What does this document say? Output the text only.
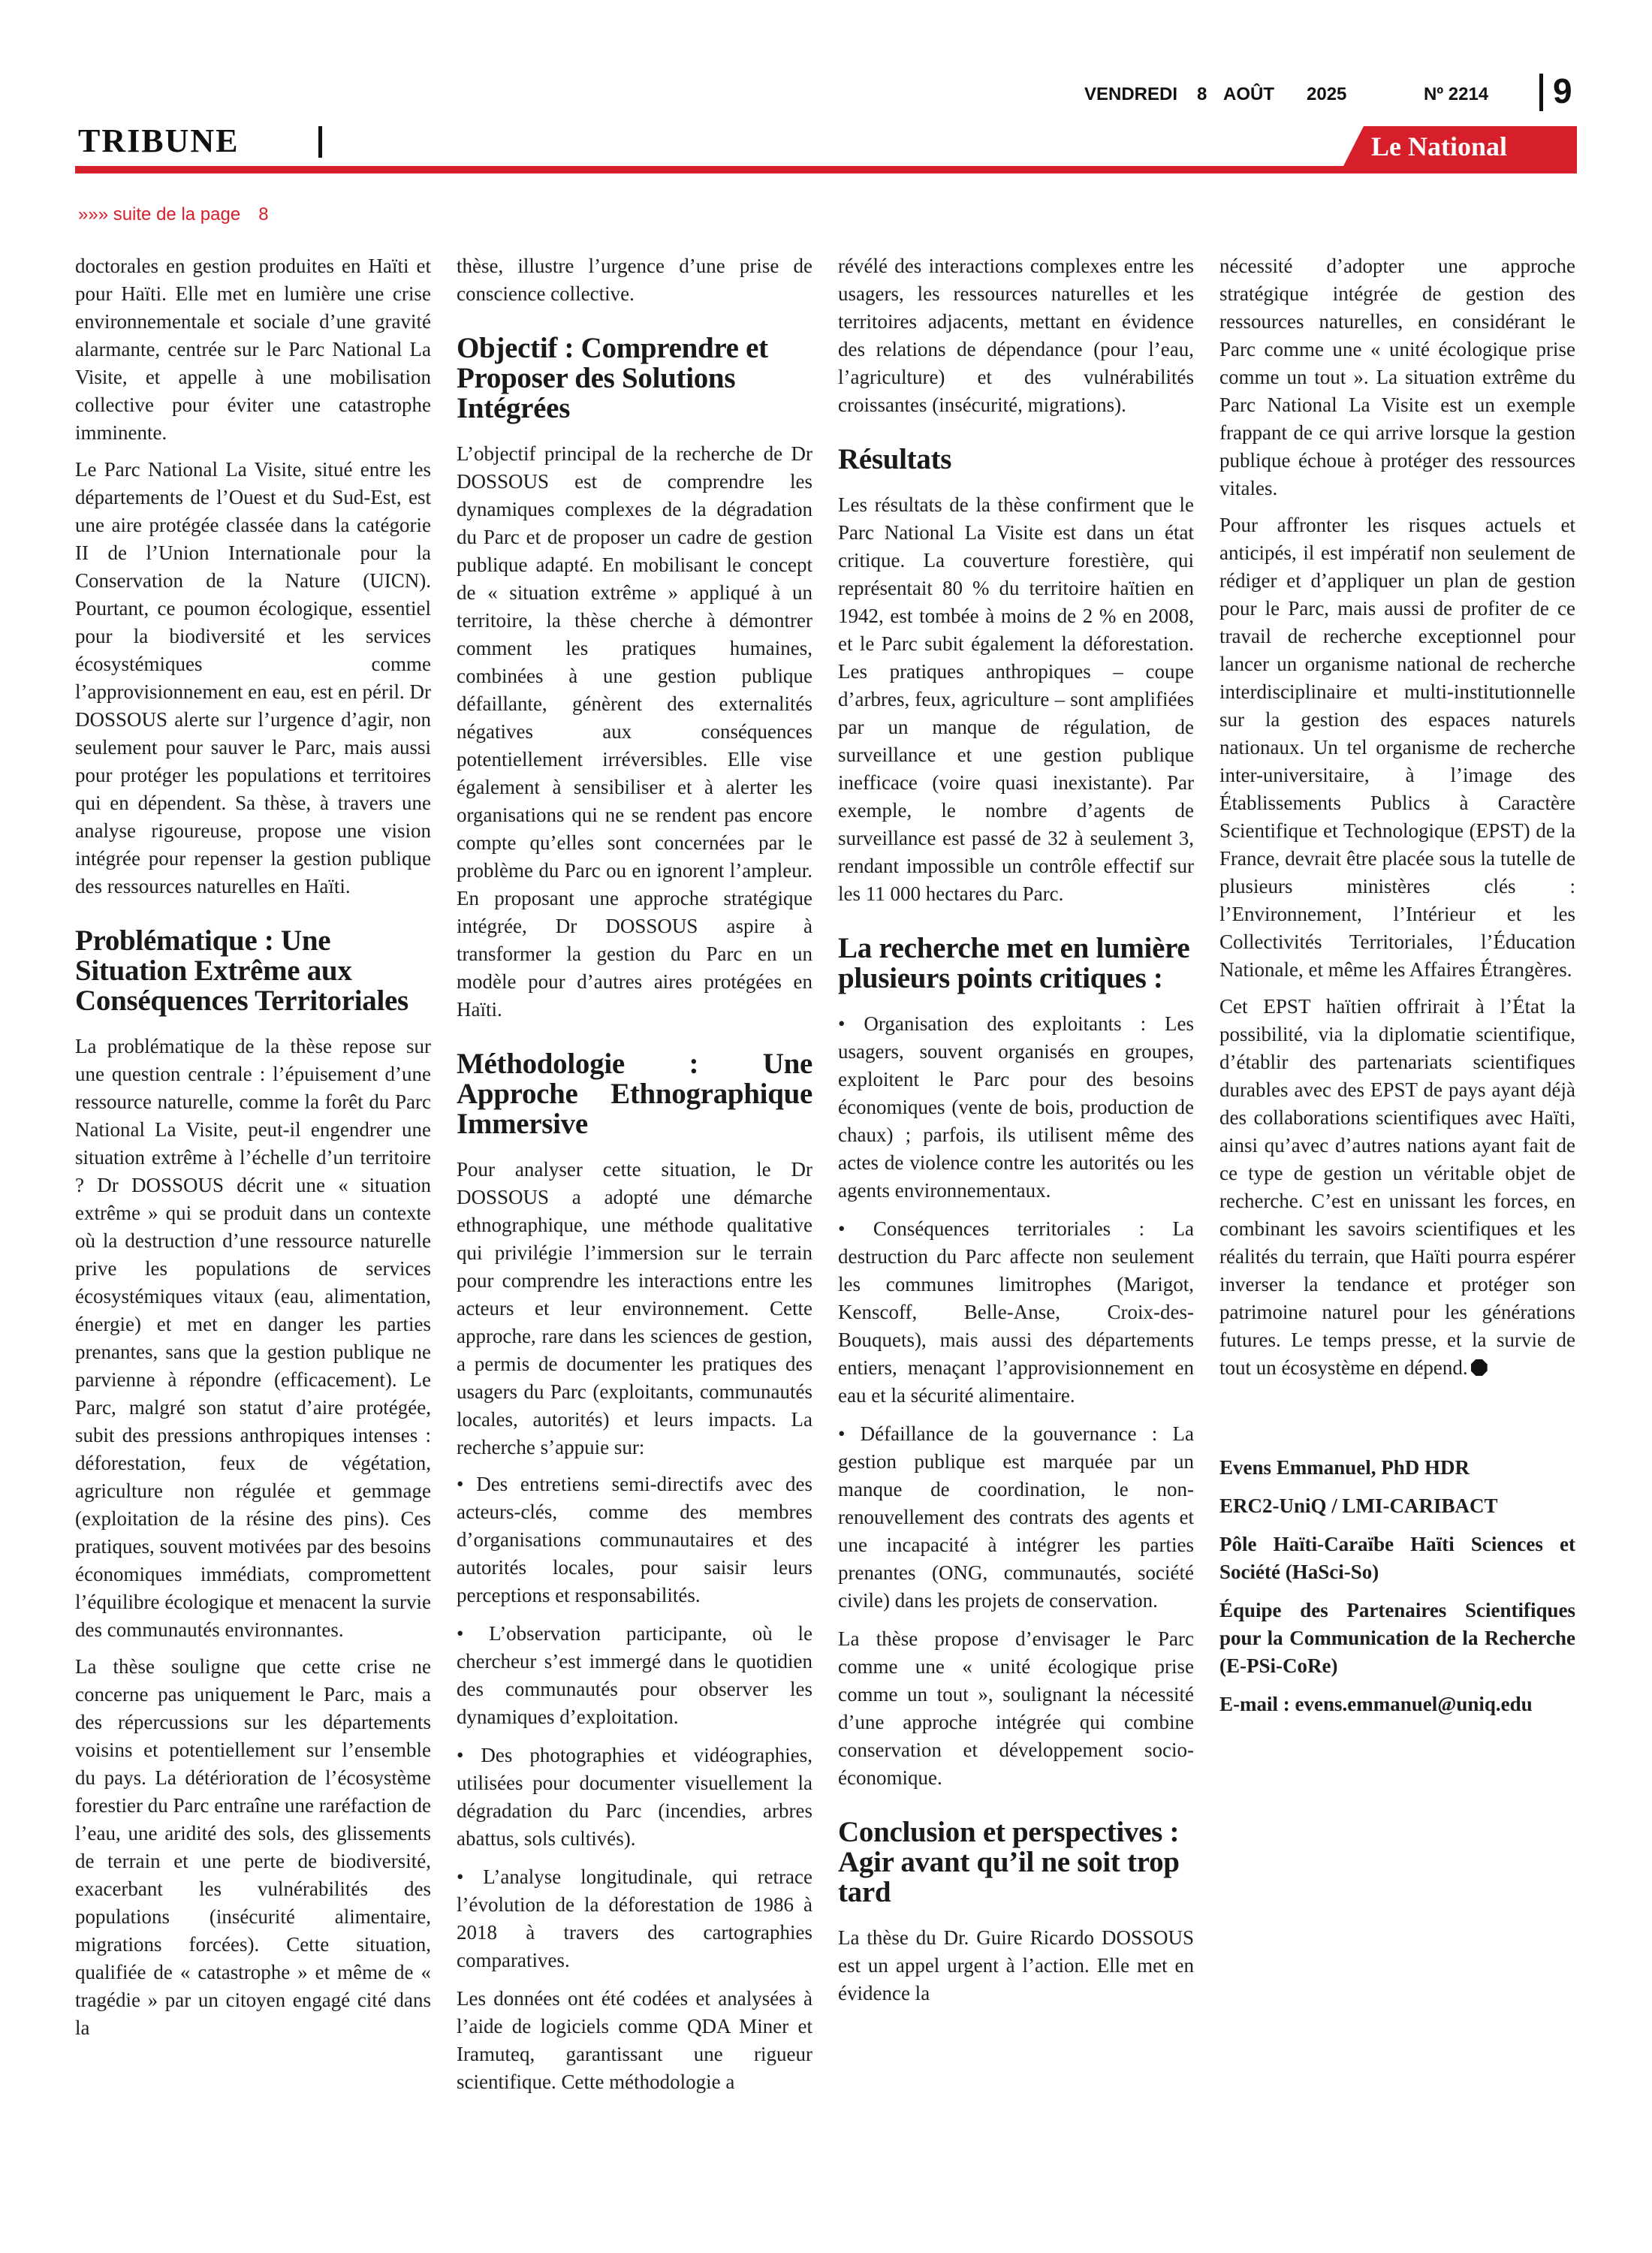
VENDREDI 8 AOÛT 2025	Nº 2214 9
TRIBUNE	Le National
»»» suite de la page 8

doctorales en gestion produites en Haïti et pour Haïti. Elle met en lumière une crise environnementale et sociale d’une gravité alarmante, centrée sur le Parc National La Visite, et appelle à une mobilisation collective pour éviter une catastrophe imminente.

Le Parc National La Visite, situé entre les départements de l’Ouest et du Sud-Est, est une aire protégée classée dans la catégorie II de l’Union Internationale pour la Conservation de la Nature (UICN). Pourtant, ce poumon écologique, essentiel pour la biodiversité et les services écosystémiques comme l’approvisionnement en eau, est en péril. Dr DOSSOUS alerte sur l’urgence d’agir, non seulement pour sauver le Parc, mais aussi pour protéger les populations et territoires qui en dépendent. Sa thèse, à travers une analyse rigoureuse, propose une vision intégrée pour repenser la gestion publique des ressources naturelles en Haïti.

Problématique : Une Situation Extrême aux Conséquences Territoriales

La problématique de la thèse repose sur une question centrale : l’épuisement d’une ressource naturelle, comme la forêt du Parc National La Visite, peut-il engendrer une situation extrême à l’échelle d’un territoire ? Dr DOSSOUS décrit une « situation extrême » qui se produit dans un contexte où la destruction d’une ressource naturelle prive les populations de services écosystémiques vitaux (eau, alimentation, énergie) et met en danger les parties prenantes, sans que la gestion publique ne parvienne à répondre (efficacement). Le Parc, malgré son statut d’aire protégée, subit des pressions anthropiques intenses : déforestation, feux de végétation, agriculture non régulée et gemmage (exploitation de la résine des pins). Ces pratiques, souvent motivées par des besoins économiques immédiats, compromettent l’équilibre écologique et menacent la survie des communautés environnantes.

La thèse souligne que cette crise ne concerne pas uniquement le Parc, mais a des répercussions sur les départements voisins et potentiellement sur l’ensemble du pays. La détérioration de l’écosystème forestier du Parc entraîne une raréfaction de l’eau, une aridité des sols, des glissements de terrain et une perte de biodiversité, exacerbant les vulnérabilités des populations (insécurité alimentaire, migrations forcées). Cette situation, qualifiée de « catastrophe » et même de « tragédie » par un citoyen engagé cité dans la

thèse, illustre l’urgence d’une prise de conscience collective.

Objectif : Comprendre et Proposer des Solutions Intégrées

L’objectif principal de la recherche de Dr DOSSOUS est de comprendre les dynamiques complexes de la dégradation du Parc et de proposer un cadre de gestion publique adapté. En mobilisant le concept de « situation extrême » appliqué à un territoire, la thèse cherche à démontrer comment les pratiques humaines, combinées à une gestion publique défaillante, génèrent des externalités négatives aux conséquences potentiellement irréversibles. Elle vise également à sensibiliser et à alerter les organisations qui ne se rendent pas encore compte qu’elles sont concernées par le problème du Parc ou en ignorent l’ampleur. En proposant une approche stratégique intégrée, Dr DOSSOUS aspire à transformer la gestion du Parc en un modèle pour d’autres aires protégées en Haïti.

Méthodologie : Une Approche Ethnographique Immersive

Pour analyser cette situation, le Dr DOSSOUS a adopté une démarche ethnographique, une méthode qualitative qui privilégie l’immersion sur le terrain pour comprendre les interactions entre les acteurs et leur environnement. Cette approche, rare dans les sciences de gestion, a permis de documenter les pratiques des usagers du Parc (exploitants, communautés locales, autorités) et leurs impacts. La recherche s’appuie sur:

• Des entretiens semi-directifs avec des acteurs-clés, comme des membres d’organisations communautaires et des autorités locales, pour saisir leurs perceptions et responsabilités.

• L’observation participante, où le chercheur s’est immergé dans le quotidien des communautés pour observer les dynamiques d’exploitation.

• Des photographies et vidéographies, utilisées pour documenter visuellement la dégradation du Parc (incendies, arbres abattus, sols cultivés).

• L’analyse longitudinale, qui retrace l’évolution de la déforestation de 1986 à 2018 à travers des cartographies comparatives.

Les données ont été codées et analysées à l’aide de logiciels comme QDA Miner et Iramuteq, garantissant une rigueur scientifique. Cette méthodologie a

révélé des interactions complexes entre les usagers, les ressources naturelles et les territoires adjacents, mettant en évidence des relations de dépendance (pour l’eau, l’agriculture) et des vulnérabilités croissantes (insécurité, migrations).

Résultats

Les résultats de la thèse confirment que le Parc National La Visite est dans un état critique. La couverture forestière, qui représentait 80 % du territoire haïtien en 1942, est tombée à moins de 2 % en 2008, et le Parc subit également la déforestation. Les pratiques anthropiques – coupe d’arbres, feux, agriculture – sont amplifiées par un manque de régulation, de surveillance et une gestion publique inefficace (voire quasi inexistante). Par exemple, le nombre d’agents de surveillance est passé de 32 à seulement 3, rendant impossible un contrôle effectif sur les 11 000 hectares du Parc.

La recherche met en lumière plusieurs points critiques :

• Organisation des exploitants : Les usagers, souvent organisés en groupes, exploitent le Parc pour des besoins économiques (vente de bois, production de chaux) ; parfois, ils utilisent même des actes de violence contre les autorités ou les agents environnementaux.

• Conséquences territoriales : La destruction du Parc affecte non seulement les communes limitrophes (Marigot, Kenscoff, Belle-Anse, Croix-des-Bouquets), mais aussi des départements entiers, menaçant l’approvisionnement en eau et la sécurité alimentaire.

• Défaillance de la gouvernance : La gestion publique est marquée par un manque de coordination, le non-renouvellement des contrats des agents et une incapacité à intégrer les parties prenantes (ONG, communautés, société civile) dans les projets de conservation.

La thèse propose d’envisager le Parc comme une « unité écologique prise comme un tout », soulignant la nécessité d’une approche intégrée qui combine conservation et développement socio-économique.

Conclusion et perspectives : Agir avant qu’il ne soit trop tard

La thèse du Dr. Guire Ricardo DOSSOUS est un appel urgent à l’action. Elle met en évidence la

nécessité d’adopter une approche stratégique intégrée de gestion des ressources naturelles, en considérant le Parc comme une « unité écologique prise comme un tout ». La situation extrême du Parc National La Visite est un exemple frappant de ce qui arrive lorsque la gestion publique échoue à protéger des ressources vitales.

Pour affronter les risques actuels et anticipés, il est impératif non seulement de rédiger et d’appliquer un plan de gestion pour le Parc, mais aussi de profiter de ce travail de recherche exceptionnel pour lancer un organisme national de recherche interdisciplinaire et multi-institutionnelle sur la gestion des espaces naturels nationaux. Un tel organisme de recherche inter-universitaire, à l’image des Établissements Publics à Caractère Scientifique et Technologique (EPST) de la France, devrait être placée sous la tutelle de plusieurs ministères clés : l’Environnement, l’Intérieur et les Collectivités Territoriales, l’Éducation Nationale, et même les Affaires Étrangères.

Cet EPST haïtien offrirait à l’État la possibilité, via la diplomatie scientifique, d’établir des partenariats scientifiques durables avec des EPST de pays ayant déjà des collaborations scientifiques avec Haïti, ainsi qu’avec d’autres nations ayant fait de ce type de gestion un véritable objet de recherche. C’est en unissant les forces, en combinant les savoirs scientifiques et les réalités du terrain, que Haïti pourra espérer inverser la tendance et protéger son patrimoine naturel pour les générations futures. Le temps presse, et la survie de tout un écosystème en dépend.

Evens Emmanuel, PhD HDR

ERC2-UniQ / LMI-CARIBACT

Pôle Haïti-Caraïbe Haïti Sciences et Société (HaSci-So)

Équipe des Partenaires Scientifiques pour la Communication de la Recherche (E-PSi-CoRe)

E-mail : evens.emmanuel@uniq.edu
